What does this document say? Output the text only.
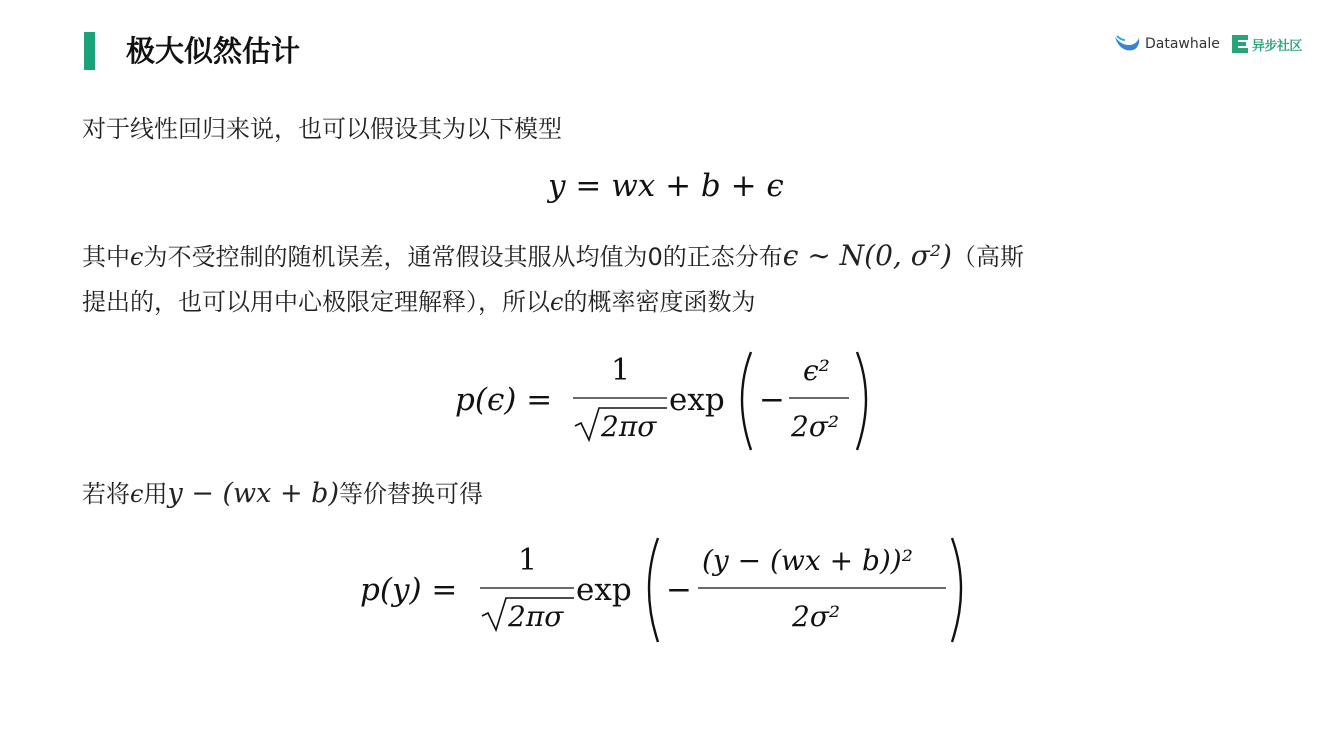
极大似然估计	Datawhale 异步社区
对于线性回归来说，也可以假设其为以下模型
y = wx + b + ϵ
其中ϵ为不受控制的随机误差，通常假设其服从均值为0的正态分布ϵ ∼ N(0, σ²)（高斯
提出的，也可以用中心极限定理解释），所以ϵ的概率密度函数为
p(ϵ) =
1
2πσ
exp −
ϵ²
2σ²
若将ϵ用y − (wx + b)等价替换可得
p(y) =
1
2πσ
exp −
(y − (wx + b))²
2σ²
